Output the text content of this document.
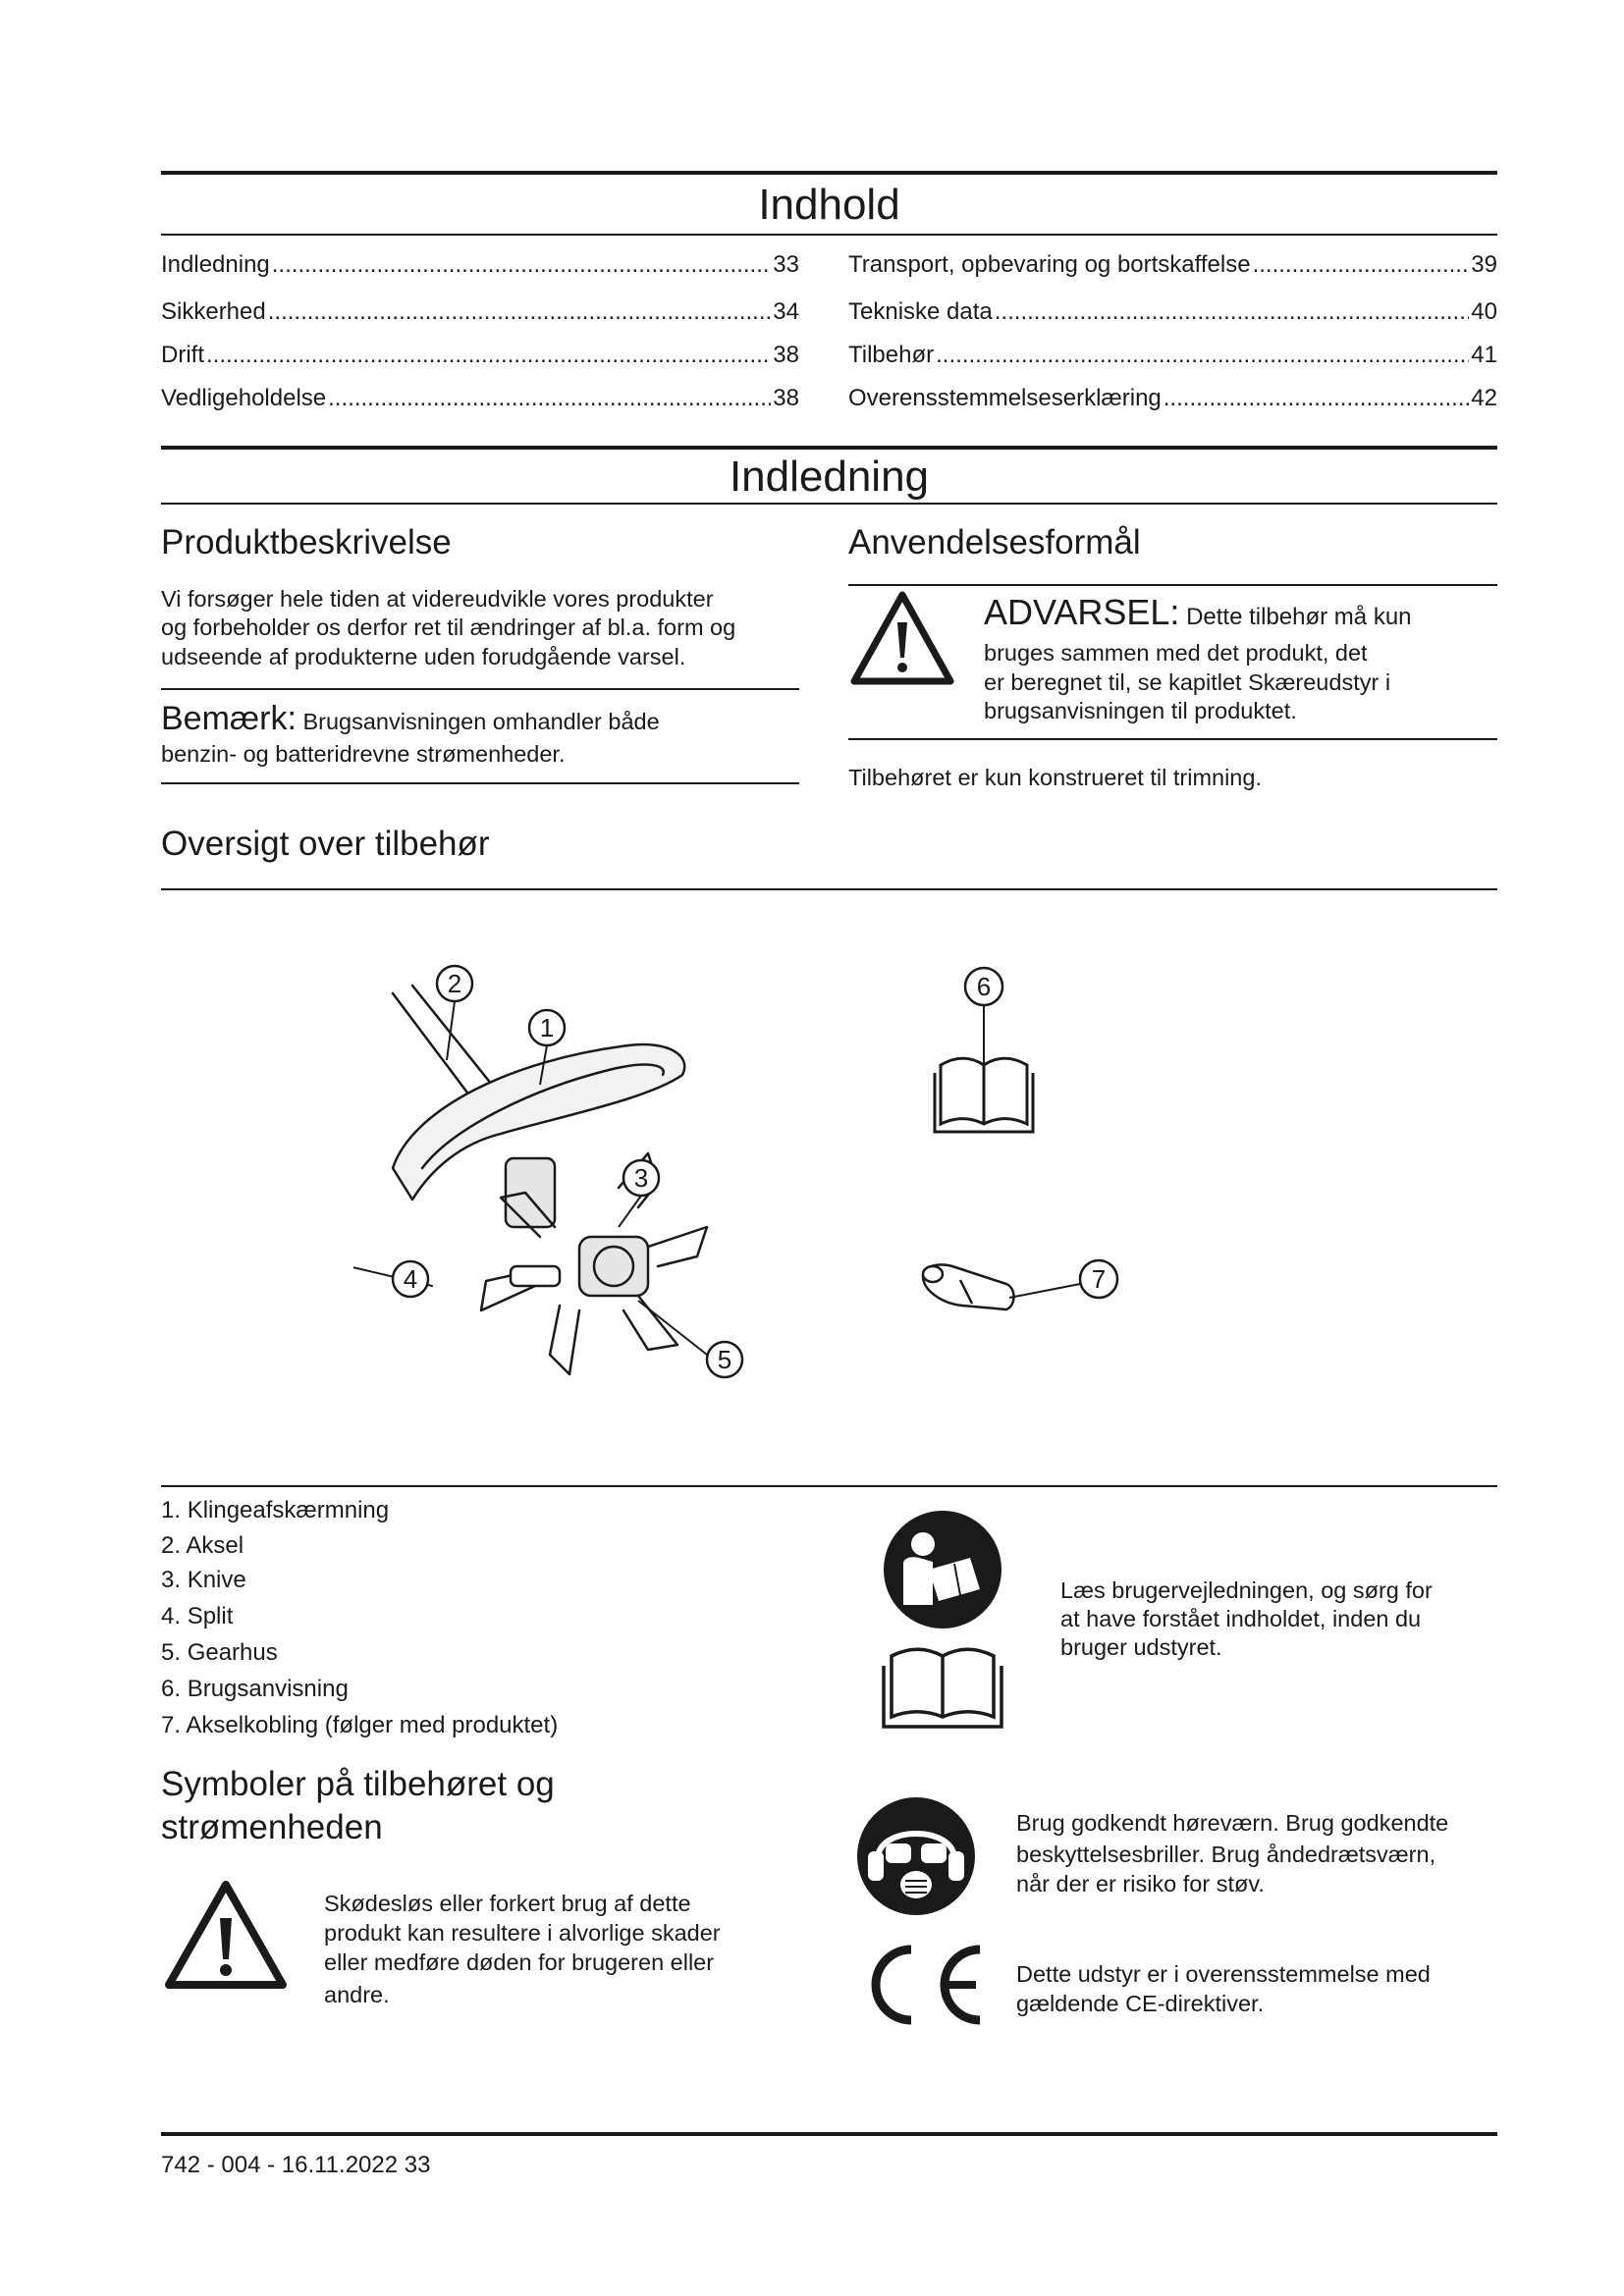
Indhold
Indledning .....	33
Sikkerhed .....	34
Drift .....	38
Vedligeholdelse .....	38
Transport, opbevaring og bortskaffelse .....	39
Tekniske data .....	40
Tilbehør .....	41
Overensstemmelseserklæring .....	42
Indledning
Produktbeskrivelse
Vi forsøger hele tiden at videreudvikle vores produkter
og forbeholder os derfor ret til ændringer af bl.a. form og
udseende af produkterne uden forudgående varsel.
Bemærk: Brugsanvisningen omhandler både
benzin- og batteridrevne strømenheder.
Anvendelsesformål
ADVARSEL: Dette tilbehør må kun
bruges sammen med det produkt, det
er beregnet til, se kapitlet Skæreudstyr i
brugsanvisningen til produktet.
Tilbehøret er kun konstrueret til trimning.
Oversigt over tilbehør
1
2
3
4
5
6
7
1. Klingeafskærmning
2. Aksel
3. Knive
4. Split
5. Gearhus
6. Brugsanvisning
7. Akselkobling (følger med produktet)
Symboler på tilbehøret og
strømenheden
Skødesløs eller forkert brug af dette
produkt kan resultere i alvorlige skader
eller medføre døden for brugeren eller
andre.
Læs brugervejledningen, og sørg for
at have forstået indholdet, inden du
bruger udstyret.
Brug godkendt høreværn. Brug godkendte
beskyttelsesbriller. Brug åndedrætsværn,
når der er risiko for støv.
Dette udstyr er i overensstemmelse med
gældende CE-direktiver.
742 - 004 - 16.11.2022 33
